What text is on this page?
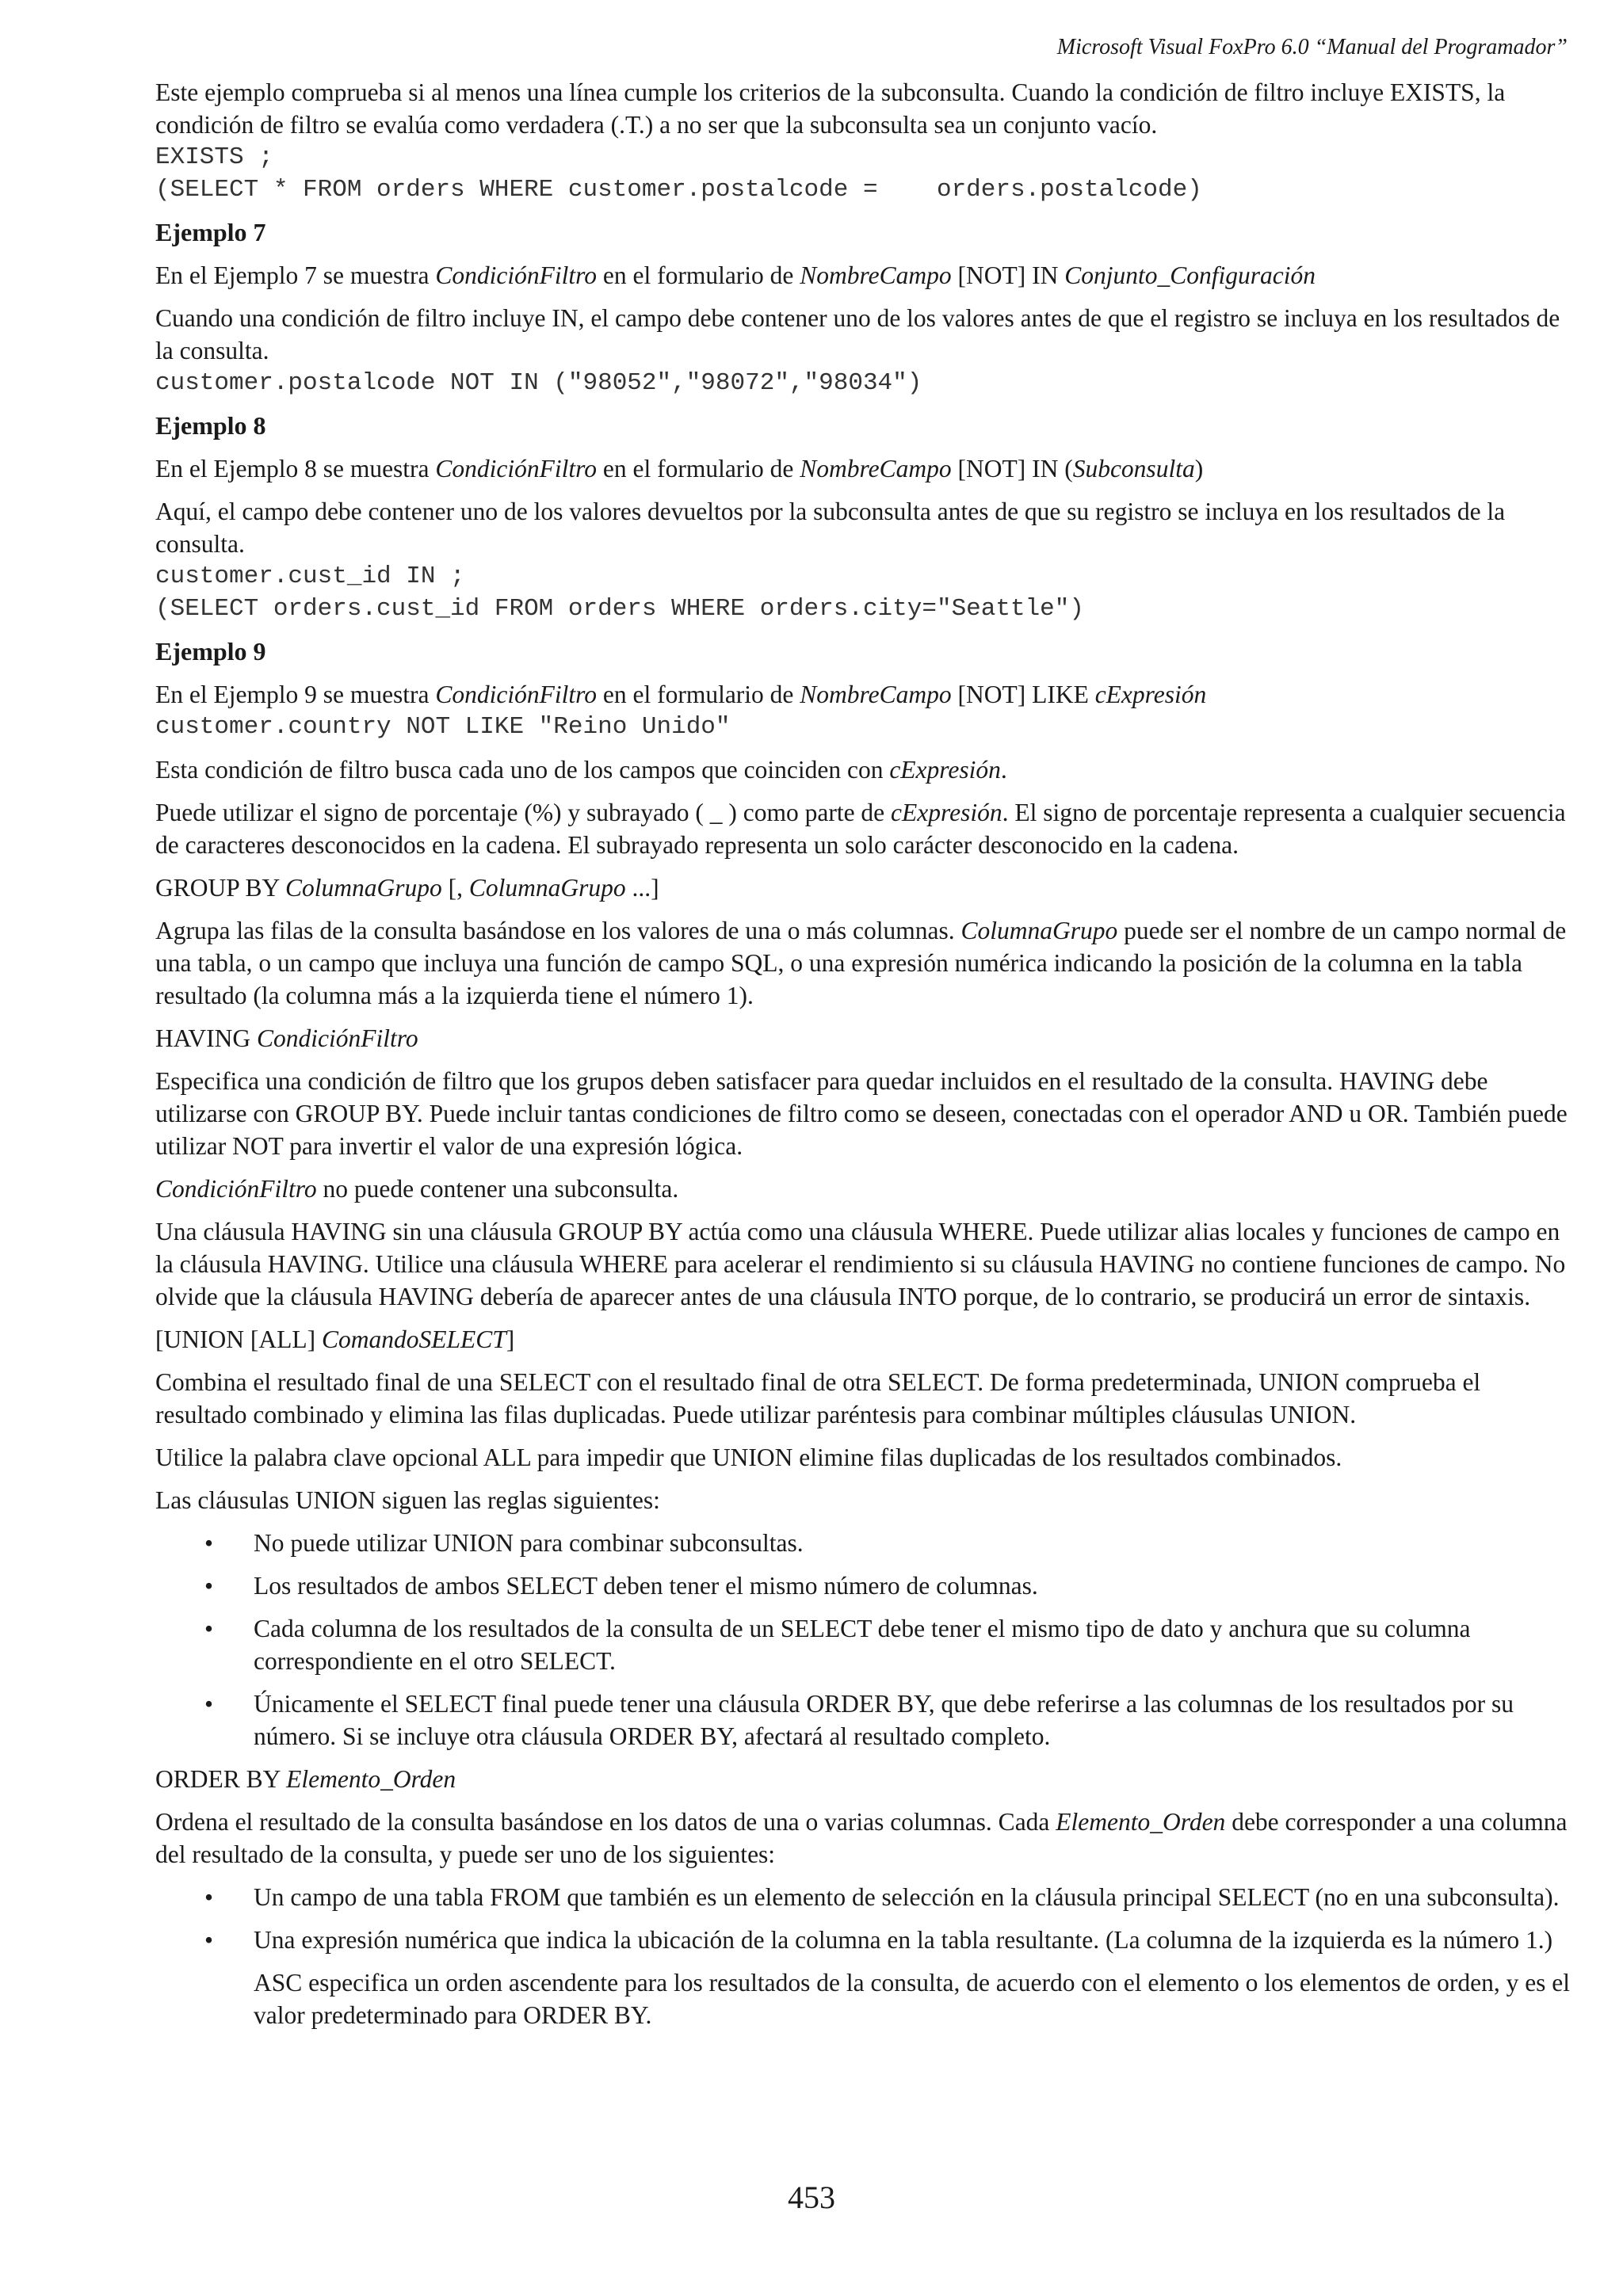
Microsoft Visual FoxPro 6.0 “Manual del Programador”

Este ejemplo comprueba si al menos una línea cumple los criterios de la subconsulta. Cuando la condición de filtro incluye EXISTS, la condición de filtro se evalúa como verdadera (.T.) a no ser que la subconsulta sea un conjunto vacío.

EXISTS ;
(SELECT * FROM orders WHERE customer.postalcode =    orders.postalcode)
Ejemplo 7

En el Ejemplo 7 se muestra CondiciónFiltro en el formulario de NombreCampo [NOT] IN Conjunto_Configuración

Cuando una condición de filtro incluye IN, el campo debe contener uno de los valores antes de que el registro se incluya en los resultados de la consulta.

customer.postalcode NOT IN ("98052","98072","98034")
Ejemplo 8

En el Ejemplo 8 se muestra CondiciónFiltro en el formulario de NombreCampo [NOT] IN (Subconsulta)

Aquí, el campo debe contener uno de los valores devueltos por la subconsulta antes de que su registro se incluya en los resultados de la consulta.

customer.cust_id IN ;
(SELECT orders.cust_id FROM orders WHERE orders.city="Seattle")
Ejemplo 9

En el Ejemplo 9 se muestra CondiciónFiltro en el formulario de NombreCampo [NOT] LIKE cExpresión

customer.country NOT LIKE "Reino Unido"

Esta condición de filtro busca cada uno de los campos que coinciden con cExpresión.

Puede utilizar el signo de porcentaje (%) y subrayado ( _ ) como parte de cExpresión. El signo de porcentaje representa a cualquier secuencia de caracteres desconocidos en la cadena. El subrayado representa un solo carácter desconocido en la cadena.

GROUP BY ColumnaGrupo [, ColumnaGrupo ...]

Agrupa las filas de la consulta basándose en los valores de una o más columnas. ColumnaGrupo puede ser el nombre de un campo normal de una tabla, o un campo que incluya una función de campo SQL, o una expresión numérica indicando la posición de la columna en la tabla resultado (la columna más a la izquierda tiene el número 1).

HAVING CondiciónFiltro

Especifica una condición de filtro que los grupos deben satisfacer para quedar incluidos en el resultado de la consulta. HAVING debe utilizarse con GROUP BY. Puede incluir tantas condiciones de filtro como se deseen, conectadas con el operador AND u OR. También puede utilizar NOT para invertir el valor de una expresión lógica.

CondiciónFiltro no puede contener una subconsulta.

Una cláusula HAVING sin una cláusula GROUP BY actúa como una cláusula WHERE. Puede utilizar alias locales y funciones de campo en la cláusula HAVING. Utilice una cláusula WHERE para acelerar el rendimiento si su cláusula HAVING no contiene funciones de campo. No olvide que la cláusula HAVING debería de aparecer antes de una cláusula INTO porque, de lo contrario, se producirá un error de sintaxis.

[UNION [ALL] ComandoSELECT]

Combina el resultado final de una SELECT con el resultado final de otra SELECT. De forma predeterminada, UNION comprueba el resultado combinado y elimina las filas duplicadas. Puede utilizar paréntesis para combinar múltiples cláusulas UNION.

Utilice la palabra clave opcional ALL para impedir que UNION elimine filas duplicadas de los resultados combinados.

Las cláusulas UNION siguen las reglas siguientes:

• No puede utilizar UNION para combinar subconsultas.
• Los resultados de ambos SELECT deben tener el mismo número de columnas.
• Cada columna de los resultados de la consulta de un SELECT debe tener el mismo tipo de dato y anchura que su columna correspondiente en el otro SELECT.
• Únicamente el SELECT final puede tener una cláusula ORDER BY, que debe referirse a las columnas de los resultados por su número. Si se incluye otra cláusula ORDER BY, afectará al resultado completo.

ORDER BY Elemento_Orden

Ordena el resultado de la consulta basándose en los datos de una o varias columnas. Cada Elemento_Orden debe corresponder a una columna del resultado de la consulta, y puede ser uno de los siguientes:

• Un campo de una tabla FROM que también es un elemento de selección en la cláusula principal SELECT (no en una subconsulta).
• Una expresión numérica que indica la ubicación de la columna en la tabla resultante. (La columna de la izquierda es la número 1.)

ASC especifica un orden ascendente para los resultados de la consulta, de acuerdo con el elemento o los elementos de orden, y es el valor predeterminado para ORDER BY.

453
